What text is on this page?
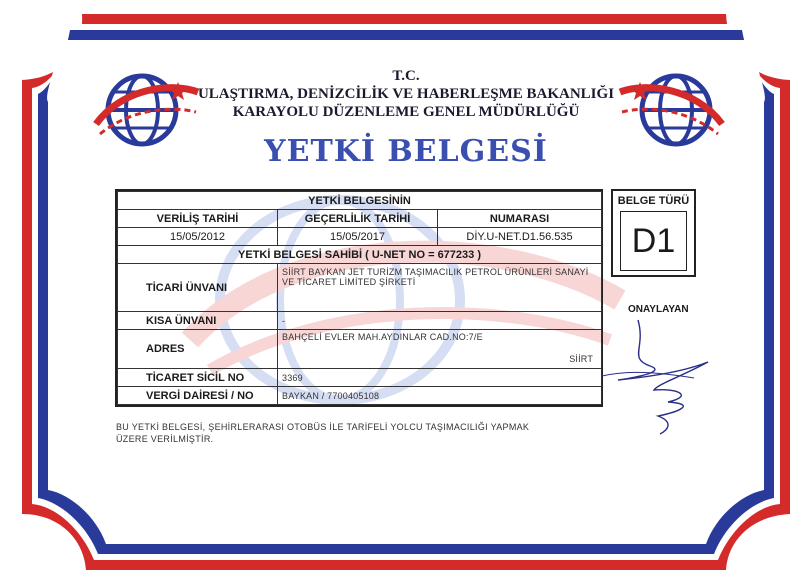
T.C.
ULAŞTIRMA, DENİZCİLİK VE HABERLEŞME BAKANLIĞI
KARAYOLU DÜZENLEME GENEL MÜDÜRLÜĞÜ
YETKİ BELGESİ
YETKİ BELGESİNİN		
VERİLİŞ TARİHİ	GEÇERLİLİK TARİHİ	NUMARASI
15/05/2012	15/05/2017	DİY.U-NET.D1.56.535
YETKİ BELGESİ SAHİBİ ( U-NET NO = 677233 )		
TİCARİ ÜNVANI	SİİRT BAYKAN JET TURİZM TAŞIMACILIK PETROL ÜRÜNLERİ SANAYİ VE TİCARET LİMİTED ŞİRKETİ	
KISA ÜNVANI	-	
ADRES	BAHÇELİ EVLER MAH.AYDINLAR CAD.NO:7/E
SİİRT	

TİCARET SİCİL NO	3369	
VERGİ DAİRESİ / NO	BAYKAN / 7700405108	
BELGE TÜRÜ
D1
ONAYLAYAN
BU YETKİ BELGESİ, ŞEHİRLERARASI OTOBÜS İLE TARİFELİ YOLCU TAŞIMACILIĞI YAPMAK ÜZERE VERİLMİŞTİR.
